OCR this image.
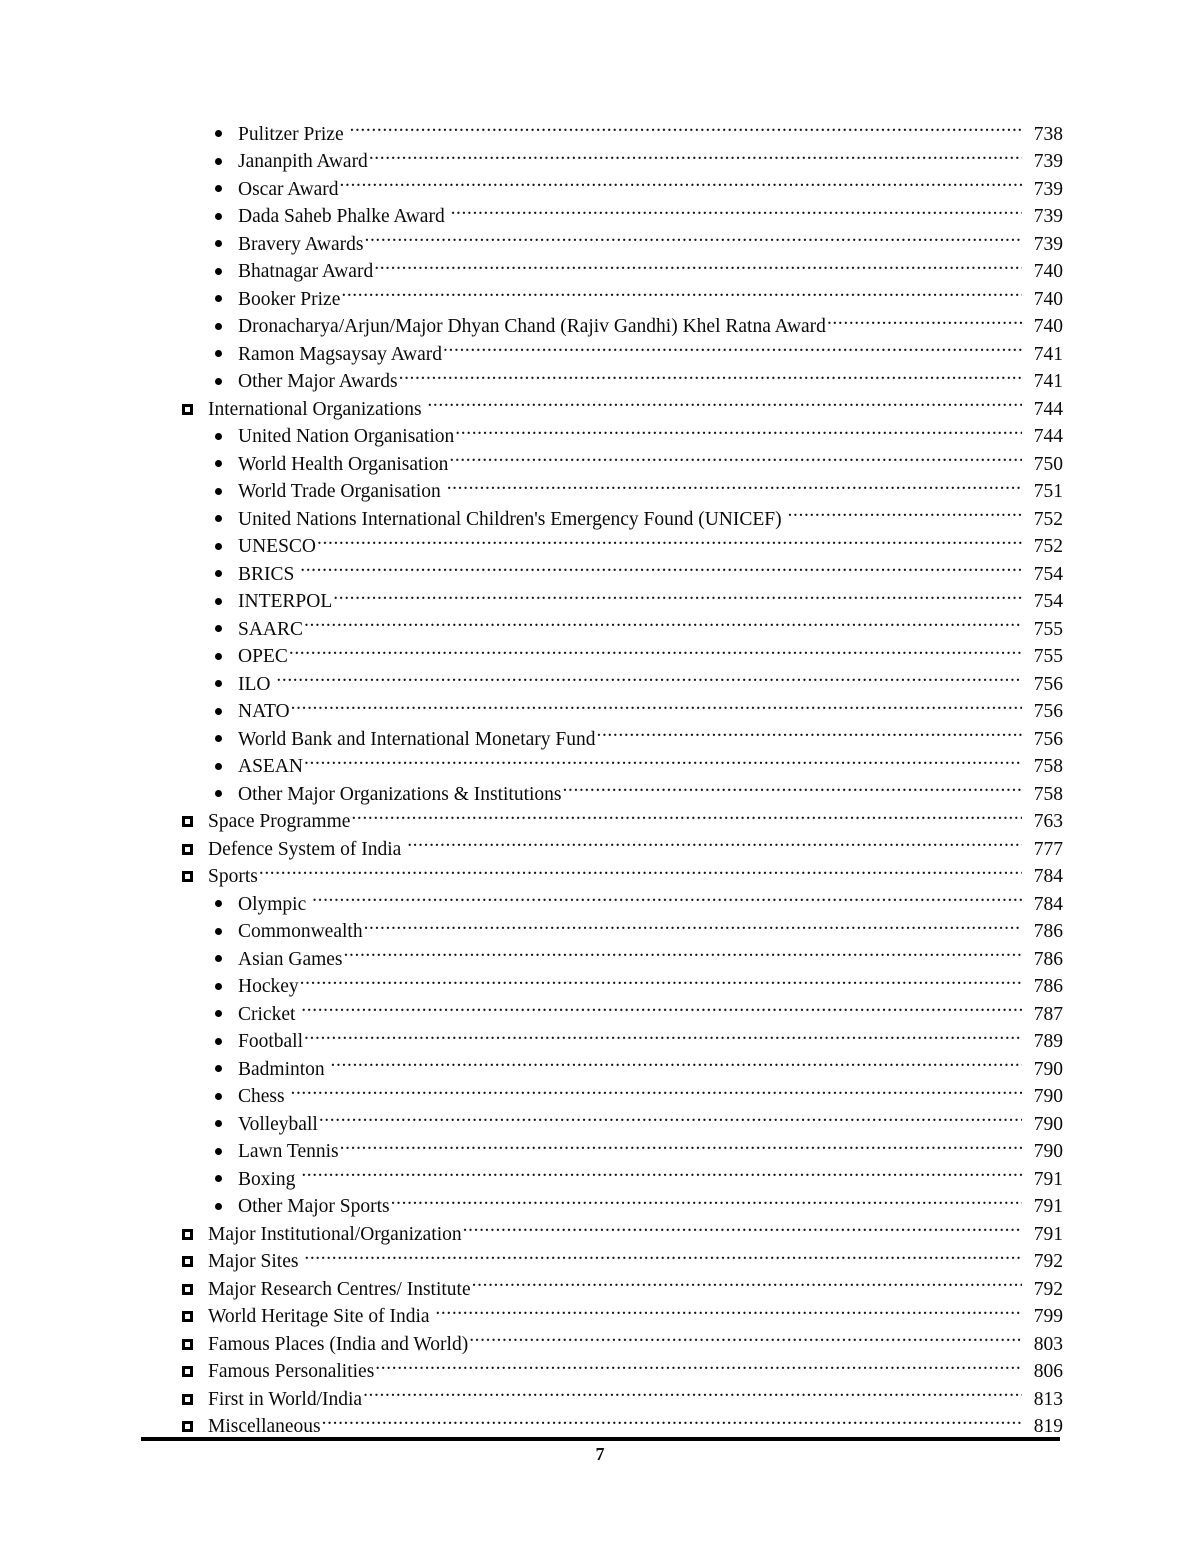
Pulitzer Prize .....	738
Jananpith Award .....	739
Oscar Award .....	739
Dada Saheb Phalke Award .....	739
Bravery Awards .....	739
Bhatnagar Award .....	740
Booker Prize .....	740
Dronacharya/Arjun/Major Dhyan Chand (Rajiv Gandhi) Khel Ratna Award .....	740
Ramon Magsaysay Award .....	741
Other Major Awards .....	741
International Organizations .....	744
United Nation Organisation .....	744
World Health Organisation .....	750
World Trade Organisation .....	751
United Nations International Children's Emergency Found (UNICEF) .....	752
UNESCO .....	752
BRICS .....	754
INTERPOL .....	754
SAARC .....	755
OPEC .....	755
ILO .....	756
NATO .....	756
World Bank and International Monetary Fund .....	756
ASEAN .....	758
Other Major Organizations & Institutions .....	758
Space Programme .....	763
Defence System of India .....	777
Sports .....	784
Olympic .....	784
Commonwealth .....	786
Asian Games .....	786
Hockey .....	786
Cricket .....	787
Football .....	789
Badminton .....	790
Chess .....	790
Volleyball .....	790
Lawn Tennis .....	790
Boxing .....	791
Other Major Sports .....	791
Major Institutional/Organization .....	791
Major Sites .....	792
Major Research Centres/ Institute .....	792
World Heritage Site of India .....	799
Famous Places (India and World) .....	803
Famous Personalities .....	806
First in World/India .....	813
Miscellaneous .....	819
7
